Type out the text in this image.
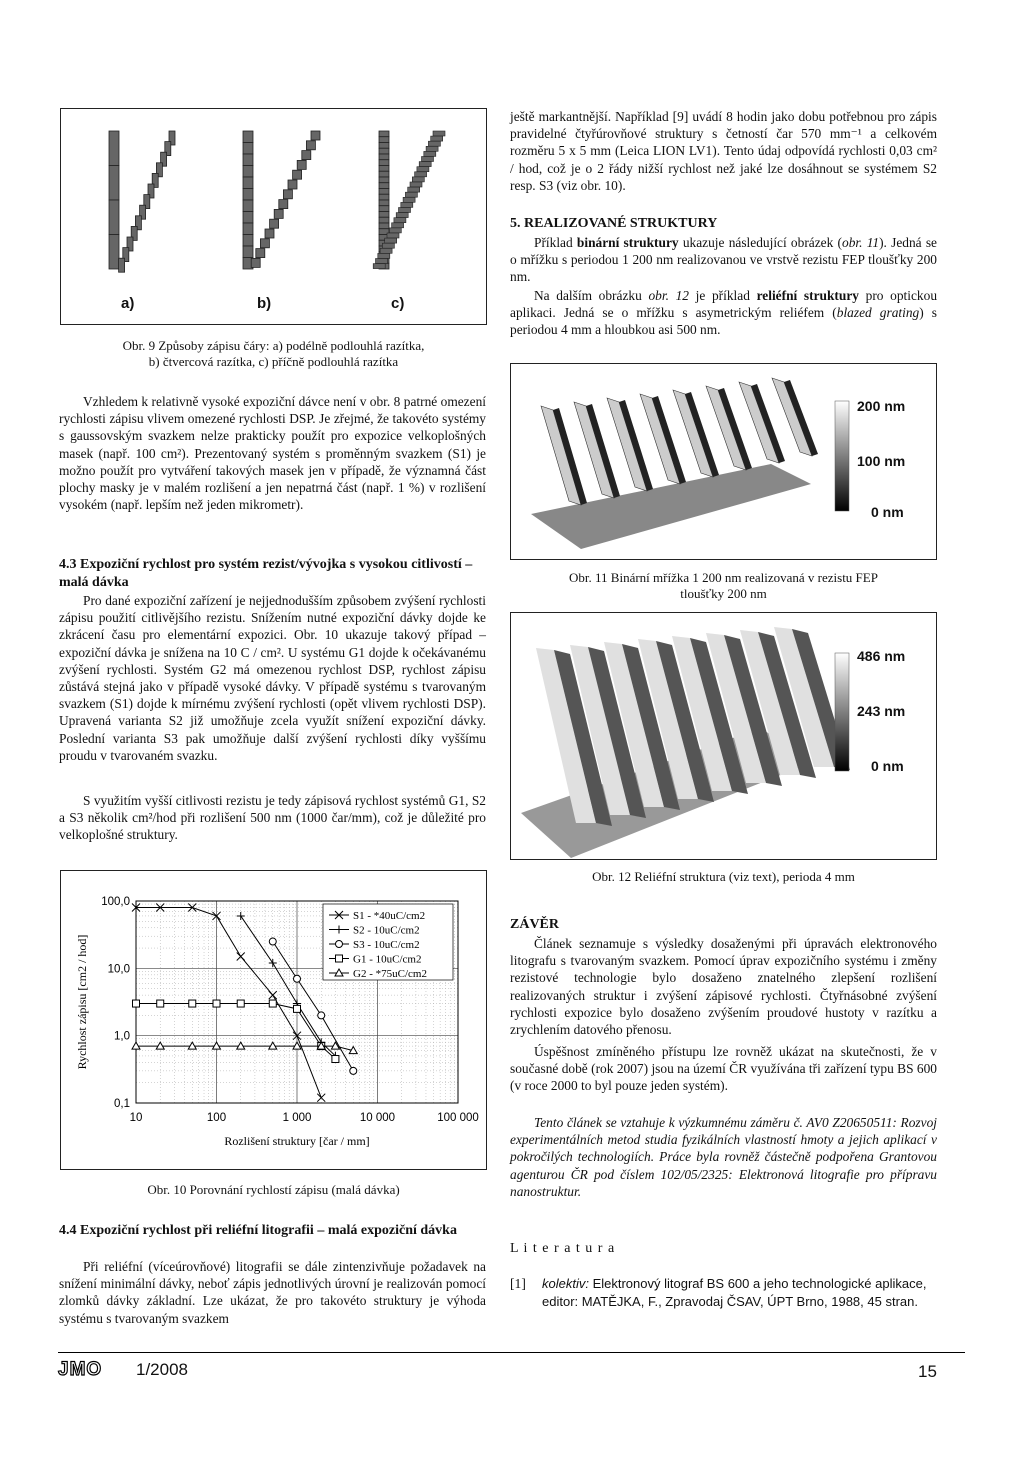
a)	b)	c)

Obr. 9 Způsoby zápisu čáry: a) podélně podlouhlá razítka,

b) čtvercová razítka, c) příčně podlouhlá razítka

Vzhledem k relativně vysoké expoziční dávce není v obr. 8 patrné omezení rychlosti zápisu vlivem omezené rychlosti DSP. Je zřejmé, že takovéto systémy s gaussovským svazkem nelze prakticky použít pro expozice velkoplošných masek (např. 100 cm²). Prezentovaný systém s proměnným svazkem (S1) je možno použít pro vytváření takových masek jen v případě, že významná část plochy masky je v malém rozlišení a jen nepatrná část (např. 1 %) v rozlišení vysokém (např. lepším než jeden mikrometr).

4.3 Expoziční rychlost pro systém rezist/vývojka s vysokou citlivostí – malá dávka

Pro dané expoziční zařízení je nejjednodušším způsobem zvýšení rychlosti zápisu použití citlivějšího rezistu. Snížením nutné expoziční dávky dojde ke zkrácení času pro elementární expozici. Obr. 10 ukazuje takový případ – expoziční dávka je snížena na 10 C / cm². U systému G1 dojde k očekávanému zvýšení rychlosti. Systém G2 má omezenou rychlost DSP, rychlost zápisu zůstává stejná jako v případě vysoké dávky. V případě systému s tvarovaným svazkem (S1) dojde k mírnému zvýšení rychlosti (opět vlivem rychlosti DSP). Upravená varianta S2 již umožňuje zcela využít snížení expoziční dávky. Poslední varianta S3 pak umožňuje další zvýšení rychlosti díky vyššímu proudu v tvarovaném svazku.

S využitím vyšší citlivosti rezistu je tedy zápisová rychlost systémů G1, S2 a S3 několik cm²/hod při rozlišení 500 nm (1000 čar/mm), což je důležité pro velkoplošné struktury.

10	100	1 000	10 000	100 000
0,1
1,0
10,0
100,0
Rozlišení struktury [čar / mm]
Rychlost zápisu [cm2 / hod]
S1 - *40uC/cm2
S2 - 10uC/cm2
S3 - 10uC/cm2
G1 - 10uC/cm2
G2 - *75uC/cm2

Obr. 10 Porovnání rychlostí zápisu (malá dávka)

4.4 Expoziční rychlost při reliéfní litografii – malá expoziční dávka

Při reliéfní (víceúrovňové) litografii se dále zintenzivňuje požadavek na snížení minimální dávky, neboť zápis jednotlivých úrovní je realizován pomocí zlomků dávky základní. Lze ukázat, že pro takovéto struktury je výhoda systému s tvarovaným svazkem

ještě markantnější. Například [9] uvádí 8 hodin jako dobu potřebnou pro zápis pravidelné čtyřúrovňové struktury s četností čar 570 mm⁻¹ a celkovém rozměru 5 x 5 mm (Leica LION LV1). Tento údaj odpovídá rychlosti 0,03 cm² / hod, což je o 2 řády nižší rychlost než jaké lze dosáhnout se systémem S2 resp. S3 (viz obr. 10).

5. REALIZOVANÉ STRUKTURY

Příklad binární struktury ukazuje následující obrázek (obr. 11). Jedná se o mřížku s periodou 1 200 nm realizovanou ve vrstvě rezistu FEP tloušťky 200 nm.

Na dalším obrázku obr. 12 je příklad reliéfní struktury pro optickou aplikaci. Jedná se o mřížku s asymetrickým reliéfem (blazed grating) s periodou 4 mm a hloubkou asi 500 nm.

200 nm
100 nm
0 nm

Obr. 11 Binární mřížka 1 200 nm realizovaná v rezistu FEP

tloušťky 200 nm

486 nm
243 nm
0 nm

Obr. 12 Reliéfní struktura (viz text), perioda 4 mm

ZÁVĚR

Článek seznamuje s výsledky dosaženými při úpravách elektronového litografu s tvarovaným svazkem. Pomocí úprav expozičního systému i změny rezistové technologie bylo dosaženo znatelného zlepšení rozlišení realizovaných struktur i zvýšení zápisové rychlosti. Čtyřnásobné zvýšení rychlosti expozice bylo dosaženo zvýšením proudové hustoty v razítku a zrychlením datového přenosu.

Úspěšnost zmíněného přístupu lze rovněž ukázat na skutečnosti, že v současné době (rok 2007) jsou na území ČR využívána tři zařízení typu BS 600 (v roce 2000 to byl pouze jeden systém).

Tento článek se vztahuje k výzkumnému záměru č. AV0 Z20650511: Rozvoj experimentálních metod studia fyzikálních vlastností hmoty a jejich aplikací v pokročilých technologiích. Práce byla rovněž částečně podpořena Grantovou agenturou ČR pod číslem 102/05/2325: Elektronová litografie pro přípravu nanostruktur.

L i t e r a t u r a

[1] kolektiv: Elektronový litograf BS 600 a jeho technologické aplikace, editor: MATĚJKA, F., Zpravodaj ČSAV, ÚPT Brno, 1988, 45 stran.
JMO 1/2008	15
